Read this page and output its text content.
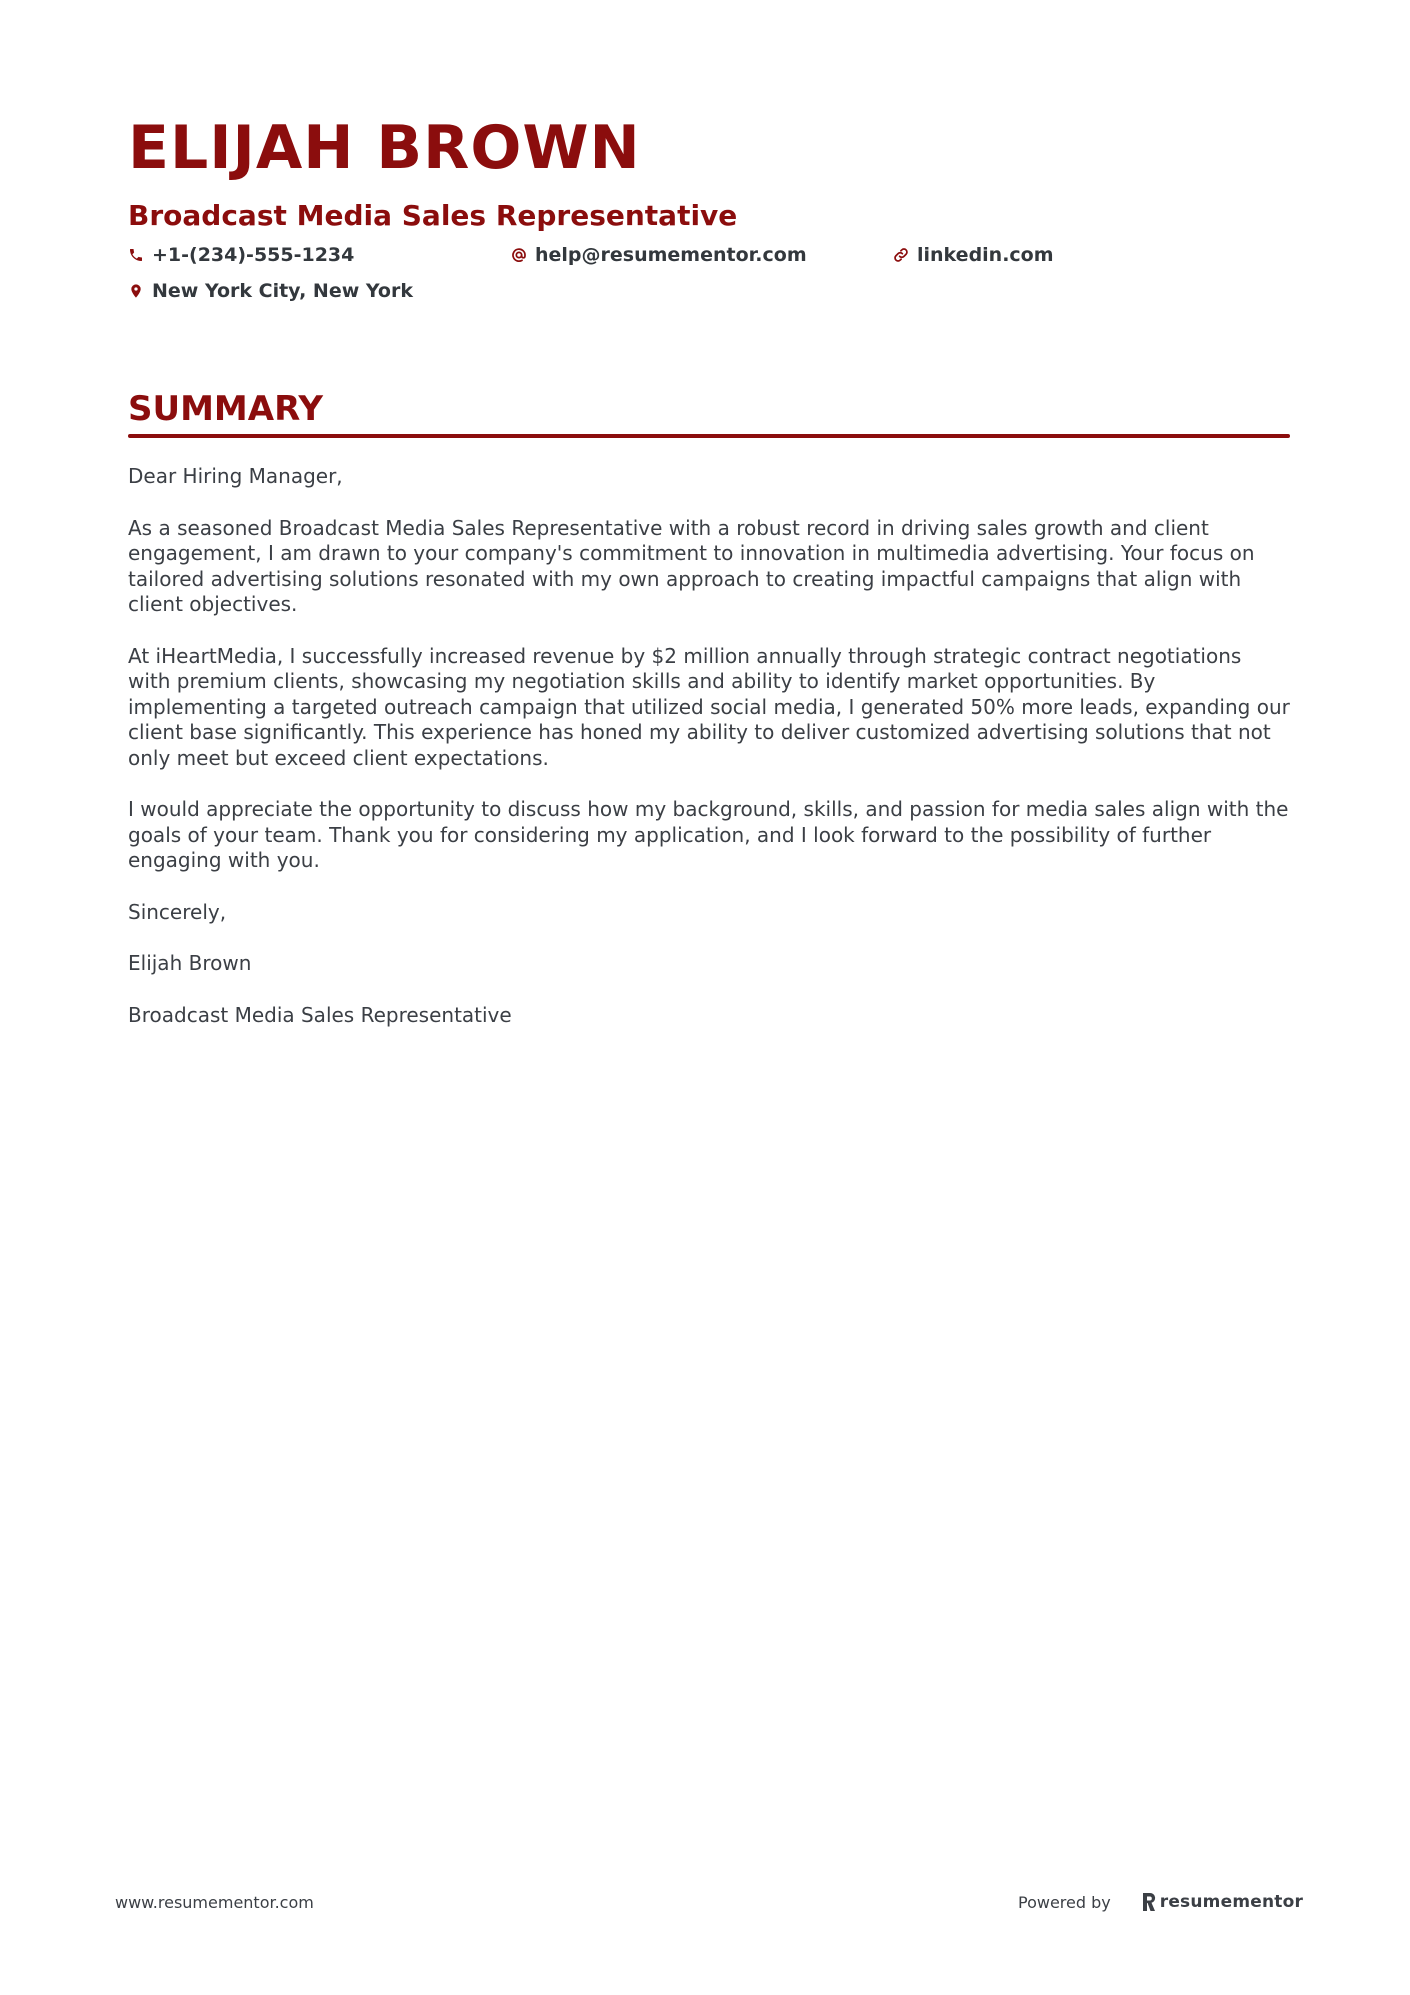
ELIJAH BROWN
Broadcast Media Sales Representative
+1-(234)-555-1234	help@resumementor.com	linkedin.com
New York City, New York
SUMMARY

Dear Hiring Manager,

As a seasoned Broadcast Media Sales Representative with a robust record in driving sales growth and client engagement, I am drawn to your company's commitment to innovation in multimedia advertising. Your focus on tailored advertising solutions resonated with my own approach to creating impactful campaigns that align with client objectives.

At iHeartMedia, I successfully increased revenue by $2 million annually through strategic contract negotiations with premium clients, showcasing my negotiation skills and ability to identify market opportunities. By implementing a targeted outreach campaign that utilized social media, I generated 50% more leads, expanding our client base significantly. This experience has honed my ability to deliver customized advertising solutions that not only meet but exceed client expectations.

I would appreciate the opportunity to discuss how my background, skills, and passion for media sales align with the goals of your team. Thank you for considering my application, and I look forward to the possibility of further engaging with you.

Sincerely,

Elijah Brown

Broadcast Media Sales Representative

www.resumementor.com	Powered by	resumementor
